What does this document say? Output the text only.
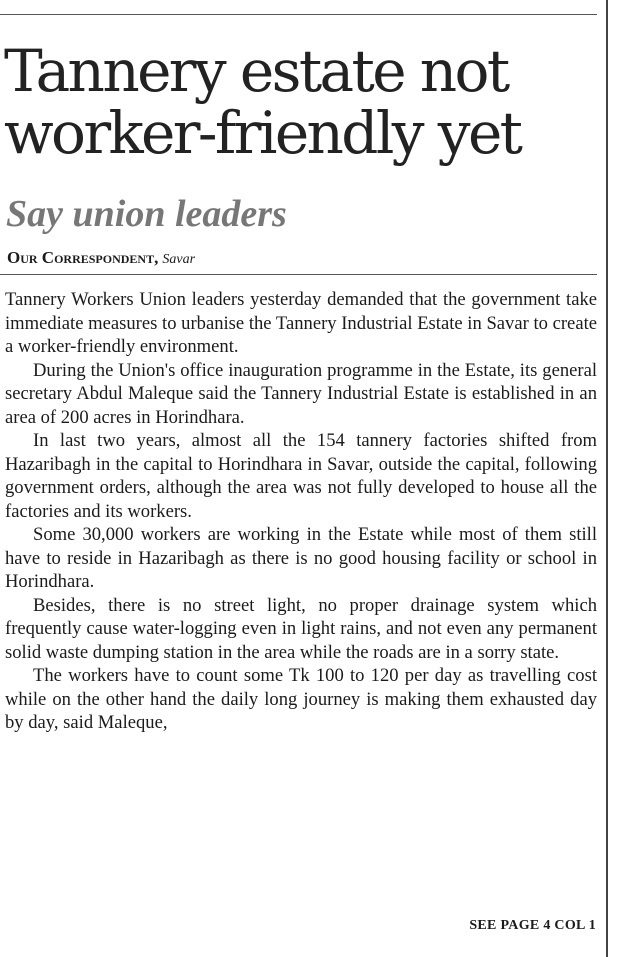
Tannery estate not worker-friendly yet
Say union leaders
Our Correspondent, Savar

Tannery Workers Union leaders yesterday demanded that the government take immediate measures to urbanise the Tannery Industrial Estate in Savar to create a worker-friendly environment.

During the Union's office inauguration programme in the Estate, its general secretary Abdul Maleque said the Tannery Industrial Estate is established in an area of 200 acres in Horindhara.

In last two years, almost all the 154 tannery factories shifted from Hazaribagh in the capital to Horindhara in Savar, outside the capital, following government orders, although the area was not fully developed to house all the factories and its workers.

Some 30,000 workers are working in the Estate while most of them still have to reside in Hazaribagh as there is no good housing facility or school in Horindhara.

Besides, there is no street light, no proper drainage system which frequently cause water-logging even in light rains, and not even any permanent solid waste dumping station in the area while the roads are in a sorry state.

The workers have to count some Tk 100 to 120 per day as travelling cost while on the other hand the daily long journey is making them exhausted day by day, said Maleque,

SEE PAGE 4 COL 1
